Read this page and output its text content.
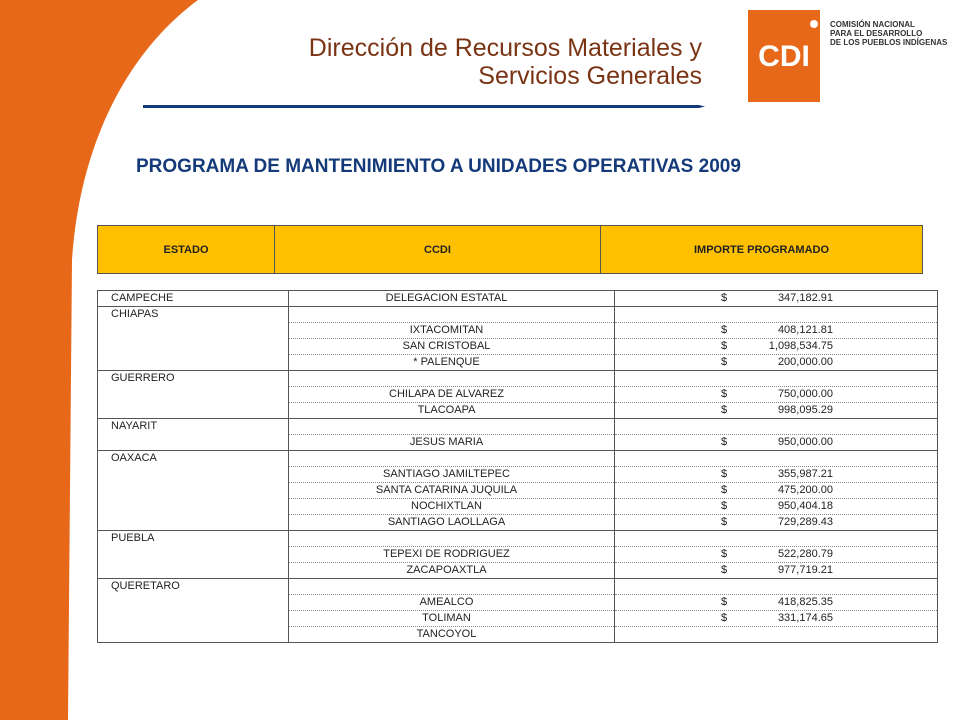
Dirección de Recursos Materiales y
Servicios Generales
CDI
COMISIÓN NACIONAL
PARA EL DESARROLLO
DE LOS PUEBLOS INDÍGENAS
PROGRAMA DE MANTENIMIENTO A UNIDADES OPERATIVAS 2009
ESTADO	CCDI	IMPORTE PROGRAMADO
CAMPECHE	DELEGACION ESTATAL	$ 347,182.91

CHIAPAS		

	IXTACOMITAN	$ 408,121.81

	SAN CRISTOBAL	$ 1,098,534.75

	* PALENQUE	$ 200,000.00

GUERRERO		

	CHILAPA DE ALVAREZ	$ 750,000.00

	TLACOAPA	$ 998,095.29

NAYARIT		

	JESUS MARIA	$ 950,000.00

OAXACA		

	SANTIAGO JAMILTEPEC	$ 355,987.21

	SANTA CATARINA JUQUILA	$ 475,200.00

	NOCHIXTLAN	$ 950,404.18

	SANTIAGO LAOLLAGA	$ 729,289.43

PUEBLA		

	TEPEXI DE RODRIGUEZ	$ 522,280.79

	ZACAPOAXTLA	$ 977,719.21

QUERETARO		

	AMEALCO	$ 418,825.35

	TOLIMAN	$ 331,174.65

	TANCOYOL	
